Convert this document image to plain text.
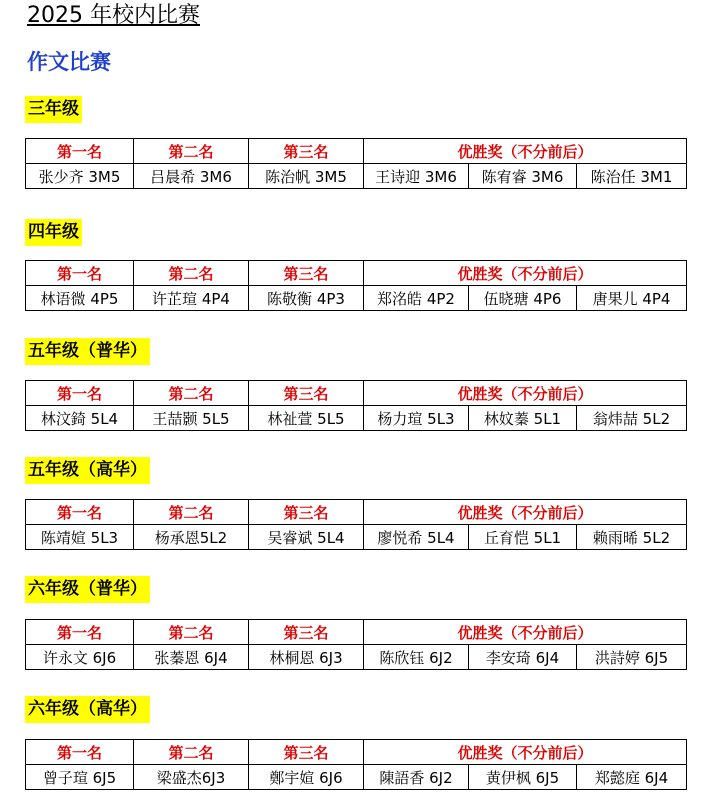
2025 年校内比赛
作文比赛
三年级
第一名	第二名	第三名	优胜奖（不分前后）		
张少齐 3M5	吕晨希 3M6	陈治帆 3M5	王诗迎 3M6	陈宥睿 3M6	陈治任 3M1
四年级
第一名	第二名	第三名	优胜奖（不分前后）		
林语微 4P5	许芷瑄 4P4	陈敬衡 4P3	郑洺皓 4P2	伍晓瑭 4P6	唐果儿 4P4
五年级（普华）
第一名	第二名	第三名	优胜奖（不分前后）		
林汶錡 5L4	王喆颢 5L5	林祉萱 5L5	杨力瑄 5L3	林妏蓁 5L1	翁炜喆 5L2
五年级（高华）
第一名	第二名	第三名	优胜奖（不分前后）		
陈靖媗 5L3	杨承恩5L2	吴睿斌 5L4	廖悦希 5L4	丘育恺 5L1	赖雨晞 5L2
六年级（普华）
第一名	第二名	第三名	优胜奖（不分前后）		
许永文 6J6	张蓁恩 6J4	林桐恩 6J3	陈欣钰 6J2	李安琦 6J4	洪詩婷 6J5
六年级（高华）
第一名	第二名	第三名	优胜奖（不分前后）		
曾子瑄 6J5	梁盛杰6J3	鄭宇媗 6J6	陳語香 6J2	黄伊枫 6J5	郑懿庭 6J4
